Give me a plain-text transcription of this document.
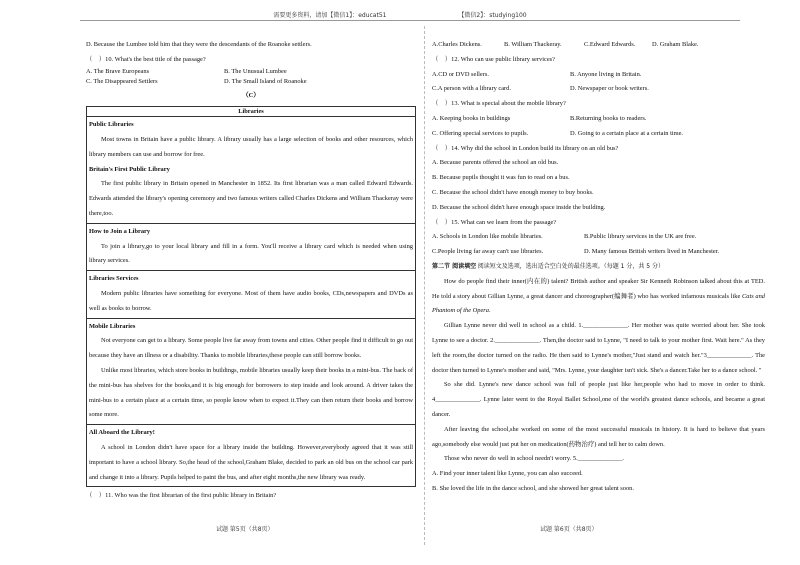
需要更多资料，请加【微信1】：educat51	【微信2】：studying100

D. Because the Lumbee told him that they were the descendants of the Roanoke settlers.

（　）10. What's the best title of the passage?

A. The Brave Europeans	B. The Unusual Lumbee
C. The Disappeared Settlers	D. The Small Island of Roanoke

（C）

Libraries

Public Libraries

Most towns in Britain have a public library. A library usually has a large selection of books and other resources, which library members can use and borrow for free.

Britain's First Public Library

The first public library in Britain opened in Manchester in 1852. Its first librarian was a man called Edward Edwards. Edwards attended the library's opening ceremony and two famous writers called Charles Dickens and William Thackeray were there,too.

How to Join a Library

To join a library,go to your local library and fill in a form. You'll receive a library card which is needed when using library services.

Libraries Services

Modern public libraries have something for everyone. Most of them have audio books, CDs,newspapers and DVDs as well as books to borrow.

Mobile Libraries

Not everyone can get to a library. Some people live far away from towns and cities. Other people find it difficult to go out because they have an illness or a disability. Thanks to mobile libraries,these people can still borrow books.

Unlike most libraries, which store books in buildings, mobile libraries usually keep their books in a mini-bus. The back of the mini-bus has shelves for the books,and it is big enough for borrowers to step inside and look around. A driver takes the mini-bus to a certain place at a certain time, so people know when to expect it.They can then return their books and borrow some more.

All Aboard the Library!

A school in London didn't have space for a library inside the building. However,everybody agreed that it was still important to have a school library. So,the head of the school,Graham Blake, decided to park an old bus on the school car park and change it into a library. Pupils helped to paint the bus, and after eight months,the new library was ready.

（　）11. Who was the first librarian of the first public library in Britain?

试题 第5页（共8页）
A.Charles Dickens.	B. William Thackeray.	C.Edward Edwards.	D. Graham Blake.

（　）12. Who can use public library services?

A.CD or DVD sellers.	B. Anyone living in Britain.
C.A person with a library card.	D. Newspaper or book writers.

（　）13. What is special about the mobile library?

A. Keeping books in buildings	B.Returning books to readers.
C. Offering special services to pupils.	D. Going to a certain place at a certain time.

（　）14. Why did the school in London build its library on an old bus?

A. Because parents offered the school an old bus.

B. Because pupils thought it was fun to read on a bus.

C. Because the school didn't have enough money to buy books.

D. Because the school didn't have enough space inside the building.

（　）15. What can we learn from the passage?

A. Schools in London like mobile libraries.	B.Public library services in the UK are free.
C.People living far away can't use libraries.	D. Many famous British writers lived in Manchester.

第二节 阅读填空 阅读短文及选项，选出适合空白处的最佳选项。（每题 1 分，共 5 分）

How do people find their inner(内在的) talent? British author and speaker Sir Kenneth Robinson talked about this at TED. He told a story about Gillian Lynne, a great dancer and choreographer(编舞者) who has worked infamous musicals like Cats and Phantom of the Opera.

Gillian Lynne never did well in school as a child. 1.______________. Her mother was quite worried about her. She took Lynne to see a doctor. 2.______________. Then,the doctor said to Lynne, "I need to talk to your mother first. Wait here." As they left the room,the doctor turned on the radio. He then said to Lynne's mother,"Just stand and watch her."3______________. The doctor then turned to Lynne's mother and said, "Mrs. Lynne, your daughter isn't sick. She's a dancer.Take her to a dance school. "

So she did. Lynne's new dance school was full of people just like her,people who had to move in order to think. 4______________. Lynne later went to the Royal Ballet School,one of the world's greatest dance schools, and became a great dancer.

After leaving the school,she worked on some of the most successful musicals in history. It is hard to believe that years ago,somebody else would just put her on medication(药物治疗) and tell her to calm down.

Those who never do well in school needn't worry. 5.______________.

A. Find your inner talent like Lynne, you can also succeed.

B. She loved the life in the dance school, and she showed her great talent soon.

试题 第6页（共8页）
